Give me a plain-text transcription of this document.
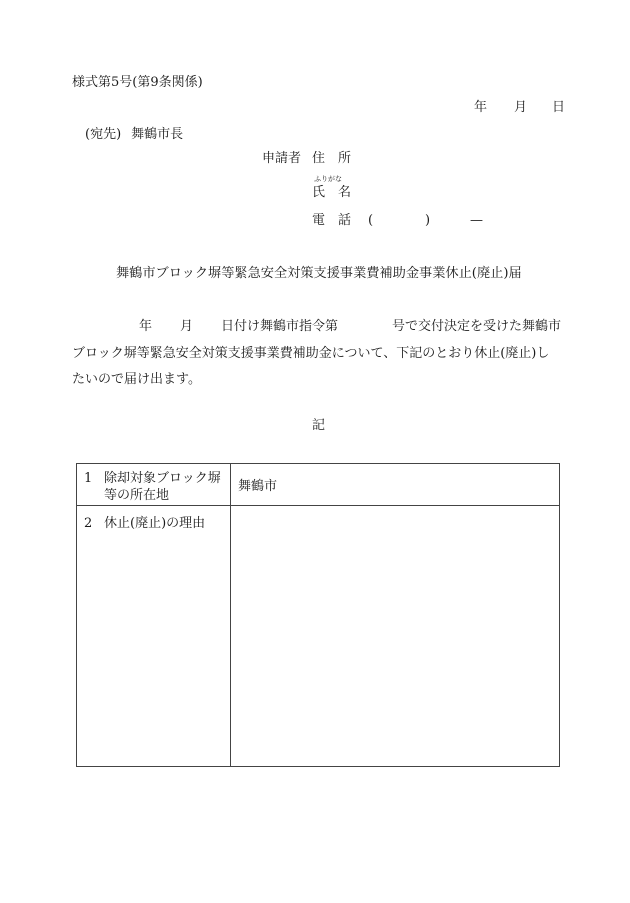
様式第5号(第9条関係)
年 月 日
(宛先) 舞鶴市長
申請者 住　所
ふりがな
氏　名
電　話 (	)	—
舞鶴市ブロック塀等緊急安全対策支援事業費補助金事業休止(廃止)届
年 月 日付け舞鶴市指令第	号で交付決定を受けた舞鶴市
ブロック塀等緊急安全対策支援事業費補助金について、下記のとおり休止(廃止)し
たいので届け出ます。
記
1 除却対象ブロック塀
等の所在地	舞鶴市

2 休止(廃止)の理由	
